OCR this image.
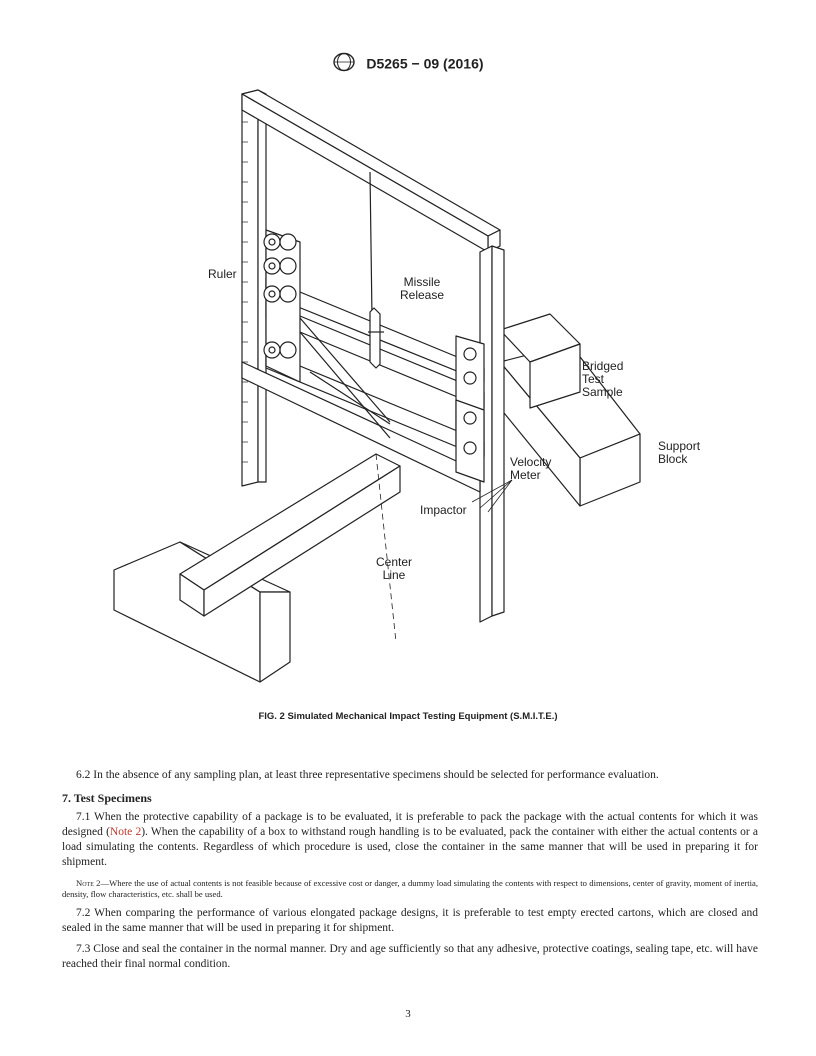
D5265 − 09 (2016)
Ruler
Missile
Release
Bridged
Test
Sample
Support
Block
Velocity
Meter
Impactor
Center
Line
FIG. 2 Simulated Mechanical Impact Testing Equipment (S.M.I.T.E.)

6.2 In the absence of any sampling plan, at least three representative specimens should be selected for performance evaluation.

7. Test Specimens

7.1 When the protective capability of a package is to be evaluated, it is preferable to pack the package with the actual contents for which it was designed (Note 2). When the capability of a box to withstand rough handling is to be evaluated, pack the container with either the actual contents or a load simulating the contents. Regardless of which procedure is used, close the container in the same manner that will be used in preparing it for shipment.

Note 2—Where the use of actual contents is not feasible because of excessive cost or danger, a dummy load simulating the contents with respect to dimensions, center of gravity, moment of inertia, density, flow characteristics, etc. shall be used.

7.2 When comparing the performance of various elongated package designs, it is preferable to test empty erected cartons, which are closed and sealed in the same manner that will be used in preparing it for shipment.

7.3 Close and seal the container in the normal manner. Dry and age sufficiently so that any adhesive, protective coatings, sealing tape, etc. will have reached their final normal condition.

3
